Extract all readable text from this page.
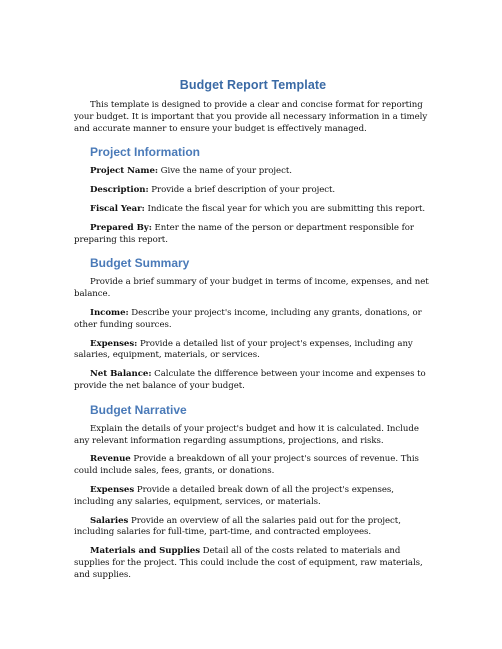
Budget Report Template

This template is designed to provide a clear and concise format for reporting your budget. It is important that you provide all necessary information in a timely and accurate manner to ensure your budget is effectively managed.

Project Information

Project Name: Give the name of your project.

Description: Provide a brief description of your project.

Fiscal Year: Indicate the fiscal year for which you are submitting this report.

Prepared By: Enter the name of the person or department responsible for preparing this report.

Budget Summary

Provide a brief summary of your budget in terms of income, expenses, and net balance.

Income: Describe your project's income, including any grants, donations, or other funding sources.

Expenses: Provide a detailed list of your project's expenses, including any salaries, equipment, materials, or services.

Net Balance: Calculate the difference between your income and expenses to provide the net balance of your budget.

Budget Narrative

Explain the details of your project's budget and how it is calculated. Include any relevant information regarding assumptions, projections, and risks.

Revenue Provide a breakdown of all your project's sources of revenue. This could include sales, fees, grants, or donations.

Expenses Provide a detailed break down of all the project's expenses, including any salaries, equipment, services, or materials.

Salaries Provide an overview of all the salaries paid out for the project, including salaries for full-time, part-time, and contracted employees.

Materials and Supplies Detail all of the costs related to materials and supplies for the project. This could include the cost of equipment, raw materials, and supplies.
